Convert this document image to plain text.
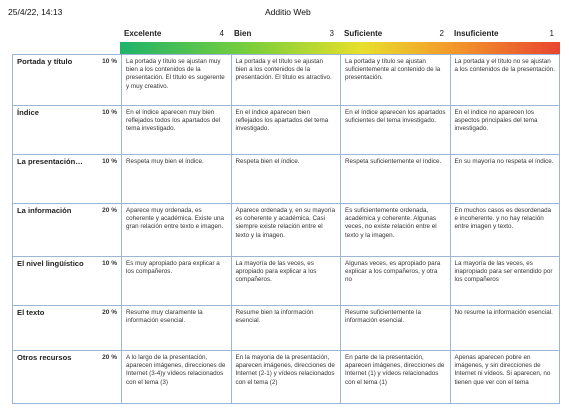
25/4/22, 14:13	Additio Web
Excelente	4 Bien	3 Suficiente	2 Insuficiente	1
Portada y título 10 %	La portada y título se ajustan muy bien a los contenidos de la presentación. El título es sugerente y muy creativo.	La portada y el título se ajustan bien a los contenidos de la presentación. El título es atractivo.	La portada y título se ajustan suficientemente al contenido de la presentación.	La portada y el título no se ajustan a los contenidos de la presentación.

Índice 10 %	En el índice aparecen muy bien reflejados todos los apartados del tema investigado.	En el índice aparecen bien reflejados los apartados del tema investigado.	En el índice aparecen los apartados suficientes del tema investigado.	En el índice no aparecen los aspectos principales del tema investigado.

La presentación… 10 %	Respeta muy bien el índice.	Respeta bien el índice.	Respeta suficientemente el índice.	En su mayoría no respeta el índice.

La información 20 %	Aparece muy ordenada, es coherente y académica. Existe una gran relación entre texto e imagen.	Aparece ordenada y, en su mayoría es coherente y académica. Casi siempre existe relación entre el texto y la imagen.	Es suficientemente ordenada, académica y coherente. Algunas veces, no existe relación entre el texto y la imagen.	En muchos casos es desordenada e incoherente. y no hay relación entre imagen y texto.

El nivel lingüístico 10 %	Es muy apropiado para explicar a los compañeros.	La mayoría de las veces, es apropiado para explicar a los compañeros.	Algunas veces, es apropiado para explicar a los compañeros, y otra no	La mayoría de las veces, es inapropiado para ser entendido por los compañeros

El texto 20 %	Resume muy claramente la información esencial.	Resume bien la información esencial.	Resume suficientemente la información esencial.	No resume la información esencial.

Otros recursos 20 %	A lo largo de la presentación, aparecen imágenes, direcciones de Internet (3-4)y vídeos relacionados con el tema (3)	En la mayoría de la presentación, aparecen imágenes, direcciones de Internet (2-1) y vídeos relacionados con el tema (2)	En parte de la presentación, aparecen imágenes, direcciones de Internet (1) y vídeos relacionados con el tema (1)	Apenas aparecen pobre en imágenes, y sin direcciones de Internet ni vídeos. Si aparecen, no tienen que ver con el tema
